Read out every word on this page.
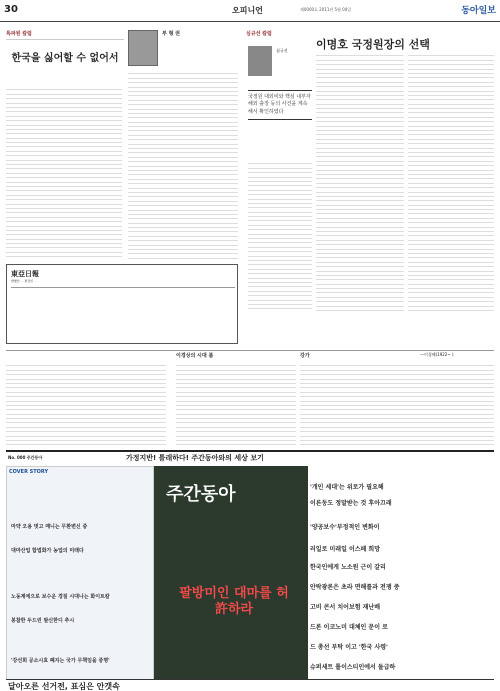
30	오피니언	제0000호 2011년 5월 00일	동아일보
특파원 칼럼
한국을 싫어할 수 없어서
부 형 권	심규선 칼럼
이명호 국정원장의 선택
심규선
국정원 대외비와 핵심 내부자 해외 출장 등의 사건을 계속해서 확인하였다
東亞日報
발행인 ··· 편집인 ···
이경상의 시대 봄	강가	—이경혜(1922~ )
No. 000 주간동아	가정지반! 틀래하다! 주간동아와의 세상 보기
COVER STORY
마약 오용 벗고 매니는 무환변신 중
대마산업 합법화가 농업의 미래다
노동계에으로 보수운 경질 시대나는 화이트칼
봉참한 두드린 발신한디 추시
'강선희 공소시효 폐지는 국가 무책임을 증명'
주간동아
팔방미인 대마를 허許하라
'개인 세대'는 위로가 필요해
이른둥도 정말받는 것 후아끄래
'양공보수'부정적인 변화이
러일로 미래일 이스페 희망
한국인에게 노소원 근이 갈리
안락광론은 초라 면해를과 전쟁 중
고비 콘서 치어보험 재난배
드론 이코노미 대체인 문이 로
드 총선 부탁 이고 '한국 사령'
슈퍼세트 톨이스티인에서 돌급하
달아오른 선거전, 표심은 안갯속
